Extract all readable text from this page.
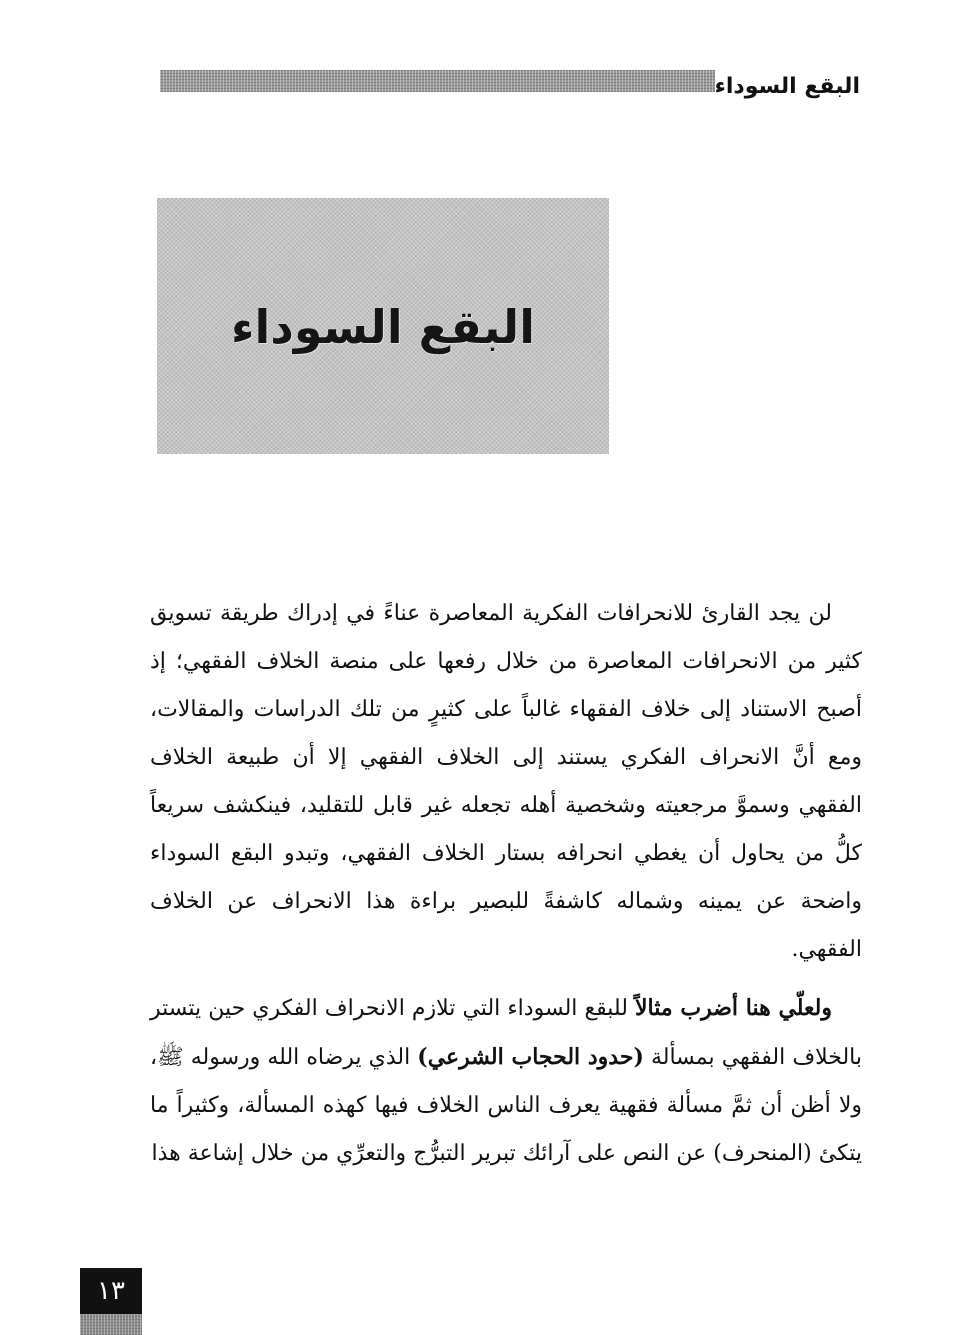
البقع السوداء
البقع السوداء

لن يجد القارئ للانحرافات الفكرية المعاصرة عناءً في إدراك طريقة تسويق كثير من الانحرافات المعاصرة من خلال رفعها على منصة الخلاف الفقهي؛ إذ أصبح الاستناد إلى خلاف الفقهاء غالباً على كثيرٍ من تلك الدراسات والمقالات، ومع أنَّ الانحراف الفكري يستند إلى الخلاف الفقهي إلا أن طبيعة الخلاف الفقهي وسموَّ مرجعيته وشخصية أهله تجعله غير قابل للتقليد، فينكشف سريعاً كلُّ من يحاول أن يغطي انحرافه بستار الخلاف الفقهي، وتبدو البقع السوداء واضحة عن يمينه وشماله كاشفةً للبصير براءة هذا الانحراف عن الخلاف الفقهي.

ولعلّي هنا أضرب مثالاً للبقع السوداء التي تلازم الانحراف الفكري حين يتستر بالخلاف الفقهي بمسألة (حدود الحجاب الشرعي) الذي يرضاه الله ورسوله ﷺ، ولا أظن أن ثمَّ مسألة فقهية يعرف الناس الخلاف فيها كهذه المسألة، وكثيراً ما يتكئ (المنحرف) عن النص على آرائك تبرير التبرُّج والتعرِّي من خلال إشاعة هذا

١٣
